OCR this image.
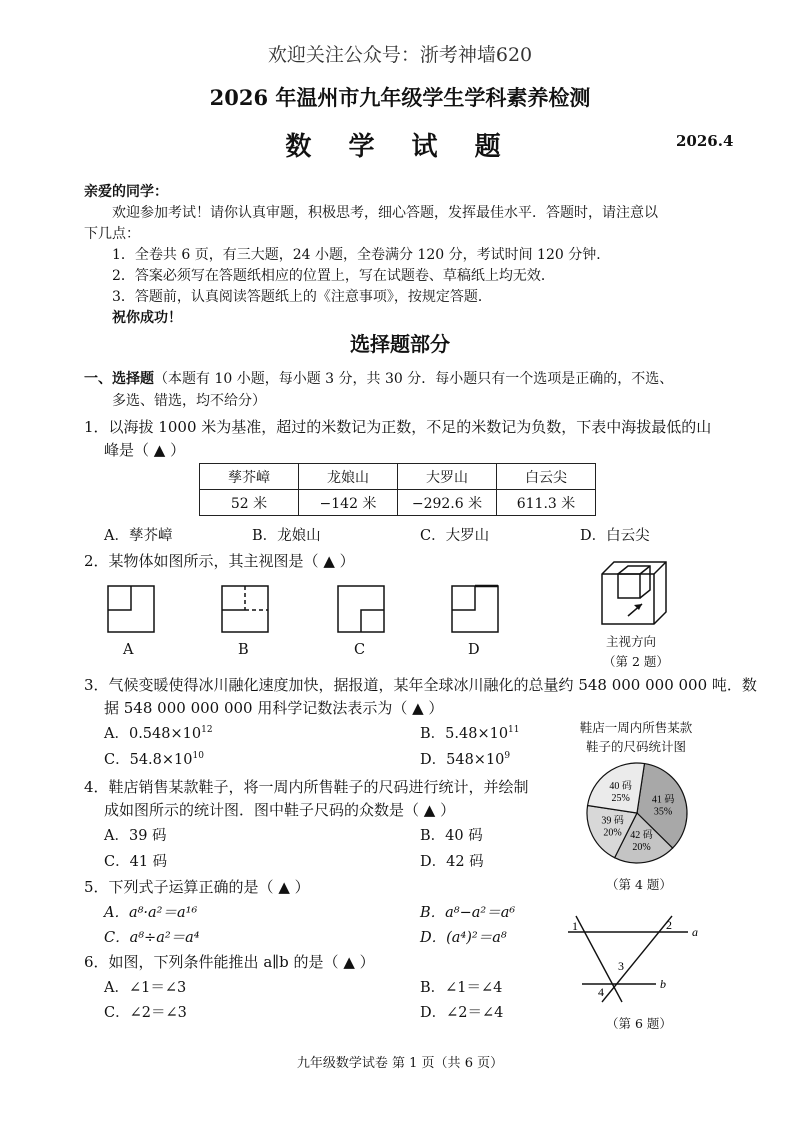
欢迎关注公众号：浙考神墙620
2026 年温州市九年级学生学科素养检测
数 学 试 题	2026.4
亲爱的同学：
欢迎参加考试！请你认真审题，积极思考，细心答题，发挥最佳水平．答题时，请注意以
下几点：
1．全卷共 6 页，有三大题，24 小题，全卷满分 120 分，考试时间 120 分钟．
2．答案必须写在答题纸相应的位置上，写在试题卷、草稿纸上均无效．
3．答题前，认真阅读答题纸上的《注意事项》，按规定答题．
祝你成功！
选择题部分
一、选择题（本题有 10 小题，每小题 3 分，共 30 分．每小题只有一个选项是正确的，不选、
多选、错选，均不给分）
1．以海拔 1000 米为基准，超过的米数记为正数，不足的米数记为负数，下表中海拔最低的山
峰是（ ▲ ）
孳芥嶂	龙娘山	大罗山	白云尖
52 米	−142 米	−292.6 米	611.3 米
A．孳芥嶂	B．龙娘山	C．大罗山	D．白云尖
2．某物体如图所示，其主视图是（ ▲ ）
A	B	C	D
主视方向
（第 2 题）
3．气候变暖使得冰川融化速度加快，据报道，某年全球冰川融化的总量约 548 000 000 000 吨．数
据 548 000 000 000 用科学记数法表示为（ ▲ ）
A．$0.548\times 10^{12}$	B．$5.48\times 10^{11}$
C．$54.8\times 10^{10}$	D．$548\times 10^9$
4．鞋店销售某款鞋子，将一周内所售鞋子的尺码进行统计，并绘制
成如图所示的统计图．图中鞋子尺码的众数是（ ▲ ）
A．39 码	B．40 码
C．41 码	D．42 码
鞋店一周内所售某款
鞋子的尺码统计图
41 码
35%
42 码
20%
39 码
20%
40 码
25%
（第 4 题）
5．下列式子运算正确的是（ ▲ ）
A．a⁸·a²＝a¹⁶	B．a⁸−a²＝a⁶
C．a⁸÷a²＝a⁴	D．(a⁴)²＝a⁸
6．如图，下列条件能推出 a∥b 的是（ ▲ ）
A．∠1＝∠3	B．∠1＝∠4
C．∠2＝∠3	D．∠2＝∠4
1	2
3
4
a
b
（第 6 题）
九年级数学试卷 第 1 页（共 6 页）
